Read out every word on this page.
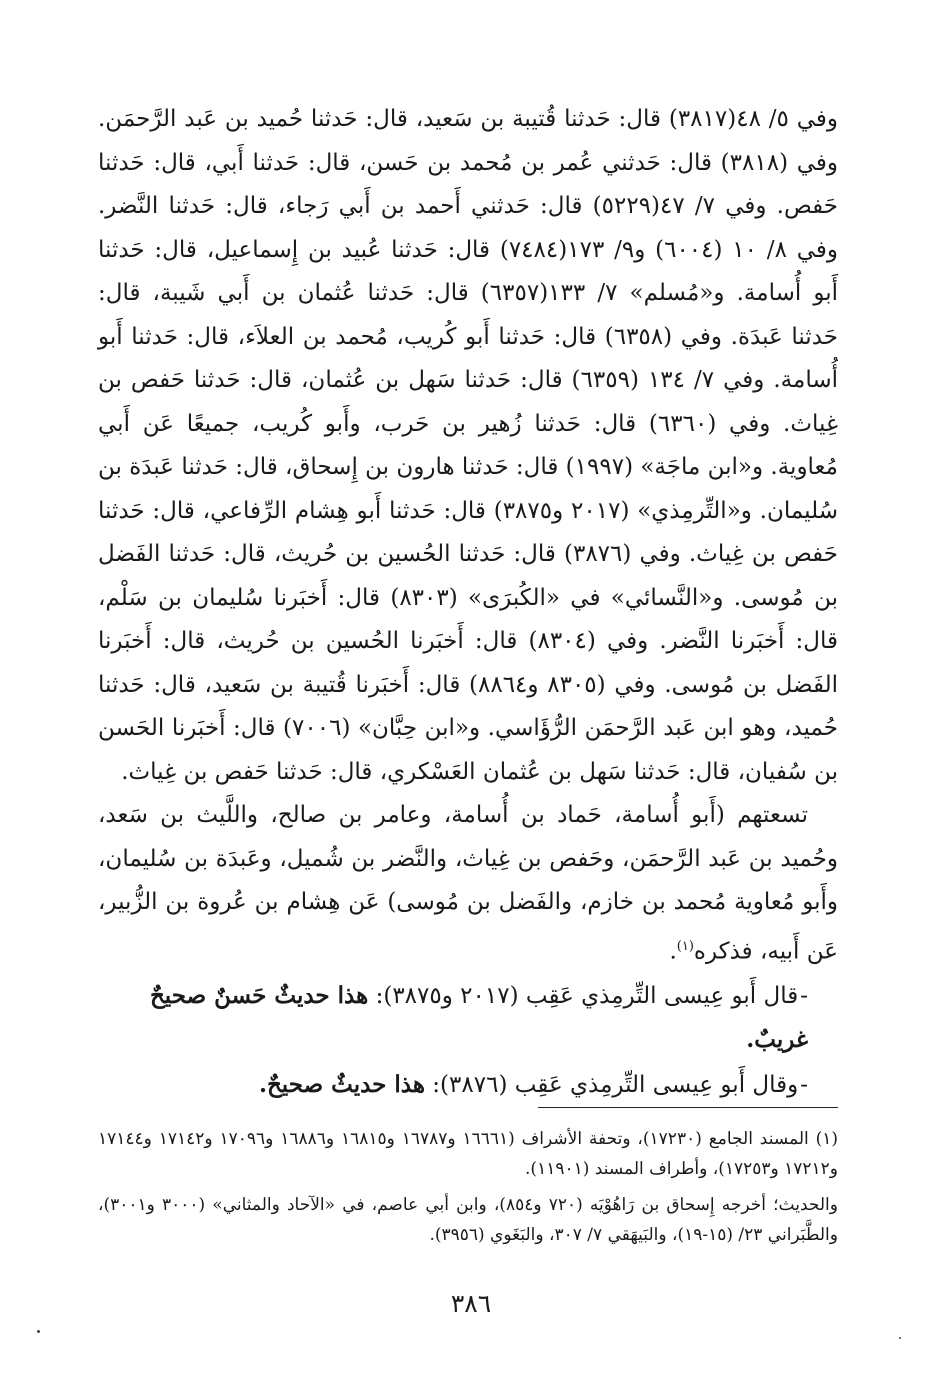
وفي ٥/ ٤٨(٣٨١٧) قال: حَدثنا قُتيبة بن سَعيد، قال: حَدثنا حُميد بن عَبد الرَّحمَن. وفي (٣٨١٨) قال: حَدثني عُمر بن مُحمد بن حَسن، قال: حَدثنا أَبي، قال: حَدثنا حَفص. وفي ٧/ ٤٧(٥٢٢٩) قال: حَدثني أَحمد بن أَبي رَجاء، قال: حَدثنا النَّضر. وفي ٨/ ١٠ (٦٠٠٤) و٩/ ١٧٣(٧٤٨٤) قال: حَدثنا عُبيد بن إِسماعيل، قال: حَدثنا أَبو أُسامة. و«مُسلم» ٧/ ١٣٣(٦٣٥٧) قال: حَدثنا عُثمان بن أَبي شَيبة، قال: حَدثنا عَبدَة. وفي (٦٣٥٨) قال: حَدثنا أَبو كُريب، مُحمد بن العلاَء، قال: حَدثنا أَبو أُسامة. وفي ٧/ ١٣٤ (٦٣٥٩) قال: حَدثنا سَهل بن عُثمان، قال: حَدثنا حَفص بن غِياث. وفي (٦٣٦٠) قال: حَدثنا زُهير بن حَرب، وأَبو كُريب، جميعًا عَن أَبي مُعاوية. و«ابن ماجَة» (١٩٩٧) قال: حَدثنا هارون بن إِسحاق، قال: حَدثنا عَبدَة بن سُليمان. و«التِّرمِذي» (٢٠١٧ و٣٨٧٥) قال: حَدثنا أَبو هِشام الرِّفاعي، قال: حَدثنا حَفص بن غِياث. وفي (٣٨٧٦) قال: حَدثنا الحُسين بن حُريث، قال: حَدثنا الفَضل بن مُوسى. و«النَّسائي» في «الكُبرَى» (٨٣٠٣) قال: أَخبَرنا سُليمان بن سَلْم، قال: أَخبَرنا النَّضر. وفي (٨٣٠٤) قال: أَخبَرنا الحُسين بن حُريث، قال: أَخبَرنا الفَضل بن مُوسى. وفي (٨٣٠٥ و٨٨٦٤) قال: أَخبَرنا قُتيبة بن سَعيد، قال: حَدثنا حُميد، وهو ابن عَبد الرَّحمَن الرُّؤَاسي. و«ابن حِبَّان» (٧٠٠٦) قال: أَخبَرنا الحَسن بن سُفيان، قال: حَدثنا سَهل بن عُثمان العَسْكري، قال: حَدثنا حَفص بن غِياث.

تسعتهم (أَبو أُسامة، حَماد بن أُسامة، وعامر بن صالح، واللَّيث بن سَعد، وحُميد بن عَبد الرَّحمَن، وحَفص بن غِياث، والنَّضر بن شُميل، وعَبدَة بن سُليمان، وأَبو مُعاوية مُحمد بن خازم، والفَضل بن مُوسى) عَن هِشام بن عُروة بن الزُّبير، عَن أَبيه، فذكره$^{(١)}$.

-قال أَبو عِيسى التِّرمِذي عَقِب (٢٠١٧ و٣٨٧٥): هذا حديثٌ حَسنٌ صحيحٌ غريبٌ.

-وقال أَبو عِيسى التِّرمِذي عَقِب (٣٨٧٦): هذا حديثٌ صحيحٌ.

(١) المسند الجامع (١٧٢٣٠)، وتحفة الأشراف (١٦٦٦١ و١٦٧٨٧ و١٦٨١٥ و١٦٨٨٦ و١٧٠٩٦ و١٧١٤٢ و١٧١٤٤ و١٧٢١٢ و١٧٢٥٣)، وأطراف المسند (١١٩٠١).

والحديث؛ أخرجه إِسحاق بن رَاهُوْيَه (٧٢٠ و٨٥٤)، وابن أبي عاصم، في «الآحاد والمثاني» (٣٠٠٠ و٣٠٠١)، والطَّبَراني ٢٣/ (١٥-١٩)، والبَيهَقي ٧/ ٣٠٧، والبَغَوي (٣٩٥٦).

٣٨٦
